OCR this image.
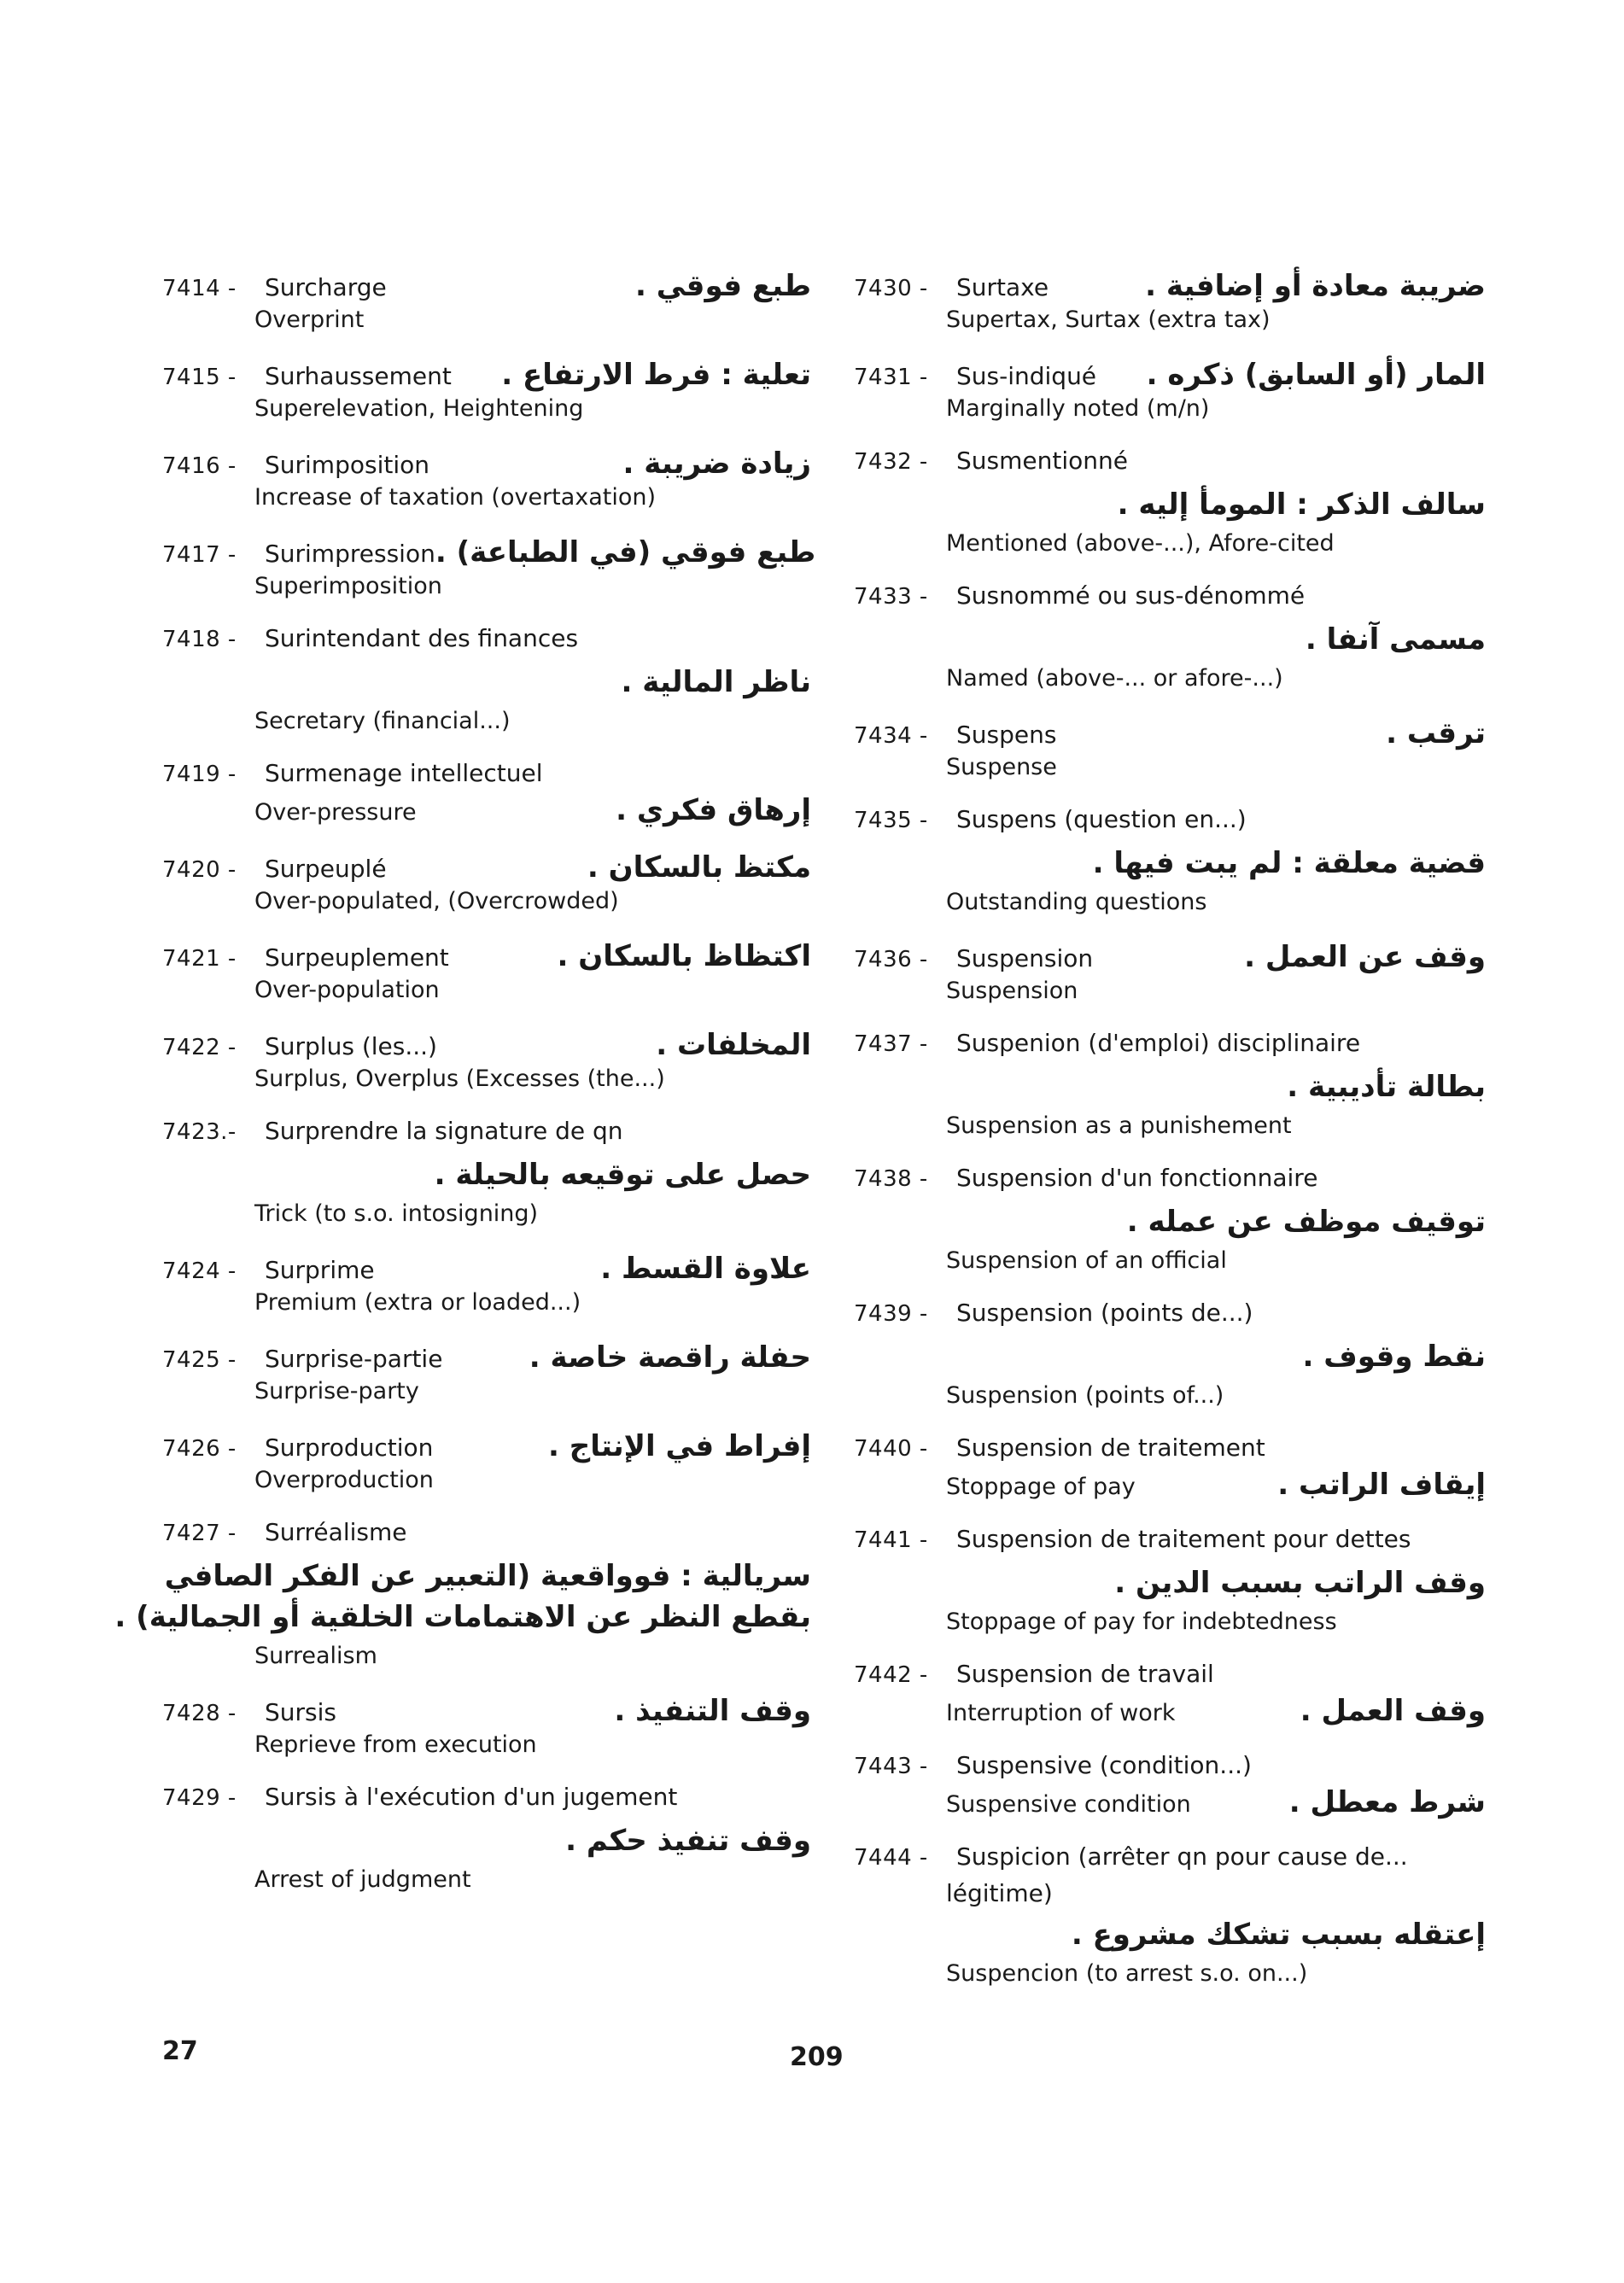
7414 -	Surcharge	طبع فوقي .
Overprint
7415 -	Surhaussement تعلية : فرط الارتفاع .
Superelevation, Heightening
7416 -	Surimposition	زيادة ضريبة .
Increase of taxation (overtaxation)
7417 -	Surimpression طبع فوقي (في الطباعة) .
Superimposition
7418 -	Surintendant des finances
ناظر المالية .
Secretary (financial...)
7419 -	Surmenage intellectuel
Over-pressure	إرهاق فكري .
7420 -	Surpeuplé	مكتظ بالسكان .
Over-populated, (Overcrowded)
7421 -	Surpeuplement	اكتظاظ بالسكان .
Over-population
7422 -	Surplus (les...)	المخلفات .
Surplus, Overplus (Excesses (the...)
7423.-	Surprendre la signature de qn
حصل على توقيعه بالحيلة .
Trick (to s.o. intosigning)
7424 -	Surprime	علاوة القسط .
Premium (extra or loaded...)
7425 -	Surprise-partie	حفلة راقصة خاصة .
Surprise-party
7426 -	Surproduction	إفراط في الإنتاج .
Overproduction
7427 -	Surréalisme
سريالية : فوواقعية (التعبير عن الفكر الصافي
بقطع النظر عن الاهتمامات الخلقية أو الجمالية) .
Surrealism
7428 -	Sursis	وقف التنفيذ .
Reprieve from execution
7429 -	Sursis à l'exécution d'un jugement
وقف تنفيذ حكم .
Arrest of judgment
7430 -	Surtaxe	ضريبة معادة أو إضافية .
Supertax, Surtax (extra tax)
7431 -	Sus-indiqué المار (أو السابق) ذكره .
Marginally noted (m/n)
7432 -	Susmentionné
سالف الذكر : المومأ إليه .
Mentioned (above-...), Afore-cited
7433 -	Susnommé ou sus-dénommé
مسمى آنفا .
Named (above-... or afore-...)
7434 -	Suspens	ترقب .
Suspense
7435 -	Suspens (question en...)
قضية معلقة : لم يبت فيها .
Outstanding questions
7436 -	Suspension	وقف عن العمل .
Suspension
7437 -	Suspenion (d'emploi) disciplinaire
بطالة تأديبية .
Suspension as a punishement
7438 -	Suspension d'un fonctionnaire
توقيف موظف عن عمله .
Suspension of an official
7439 -	Suspension (points de...)
نقط وقوف .
Suspension (points of...)
7440 -	Suspension de traitement
Stoppage of pay	إيقاف الراتب .
7441 -	Suspension de traitement pour dettes
وقف الراتب بسبب الدين .
Stoppage of pay for indebtedness
7442 -	Suspension de travail
Interruption of work	وقف العمل .
7443 -	Suspensive (condition...)
Suspensive condition	شرط معطل .
7444 -	Suspicion (arrêter qn pour cause de...
légitime)
إعتقله بسبب تشكك مشروع .
Suspencion (to arrest s.o. on...)
27	209
